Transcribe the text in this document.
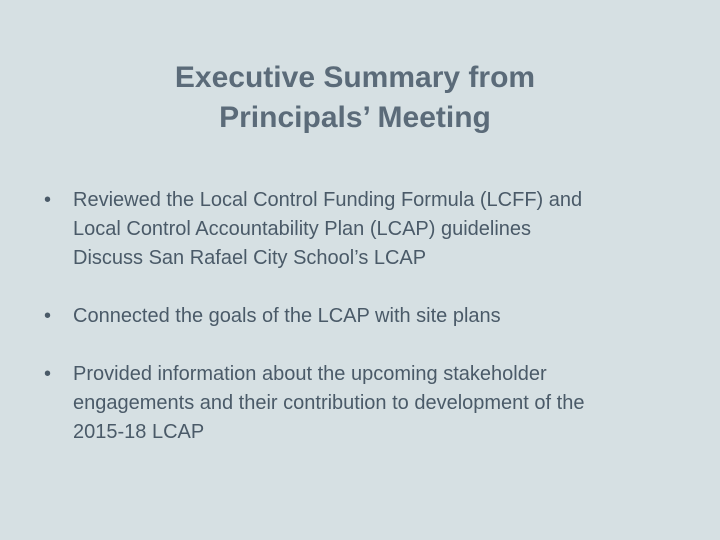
Executive Summary from
Principals’ Meeting
•	Reviewed the Local Control Funding Formula (LCFF) and
Local Control Accountability Plan (LCAP) guidelines
Discuss San Rafael City School’s LCAP
•	Connected the goals of the LCAP with site plans
•	Provided information about the upcoming stakeholder
engagements and their contribution to development of the
2015-18 LCAP
